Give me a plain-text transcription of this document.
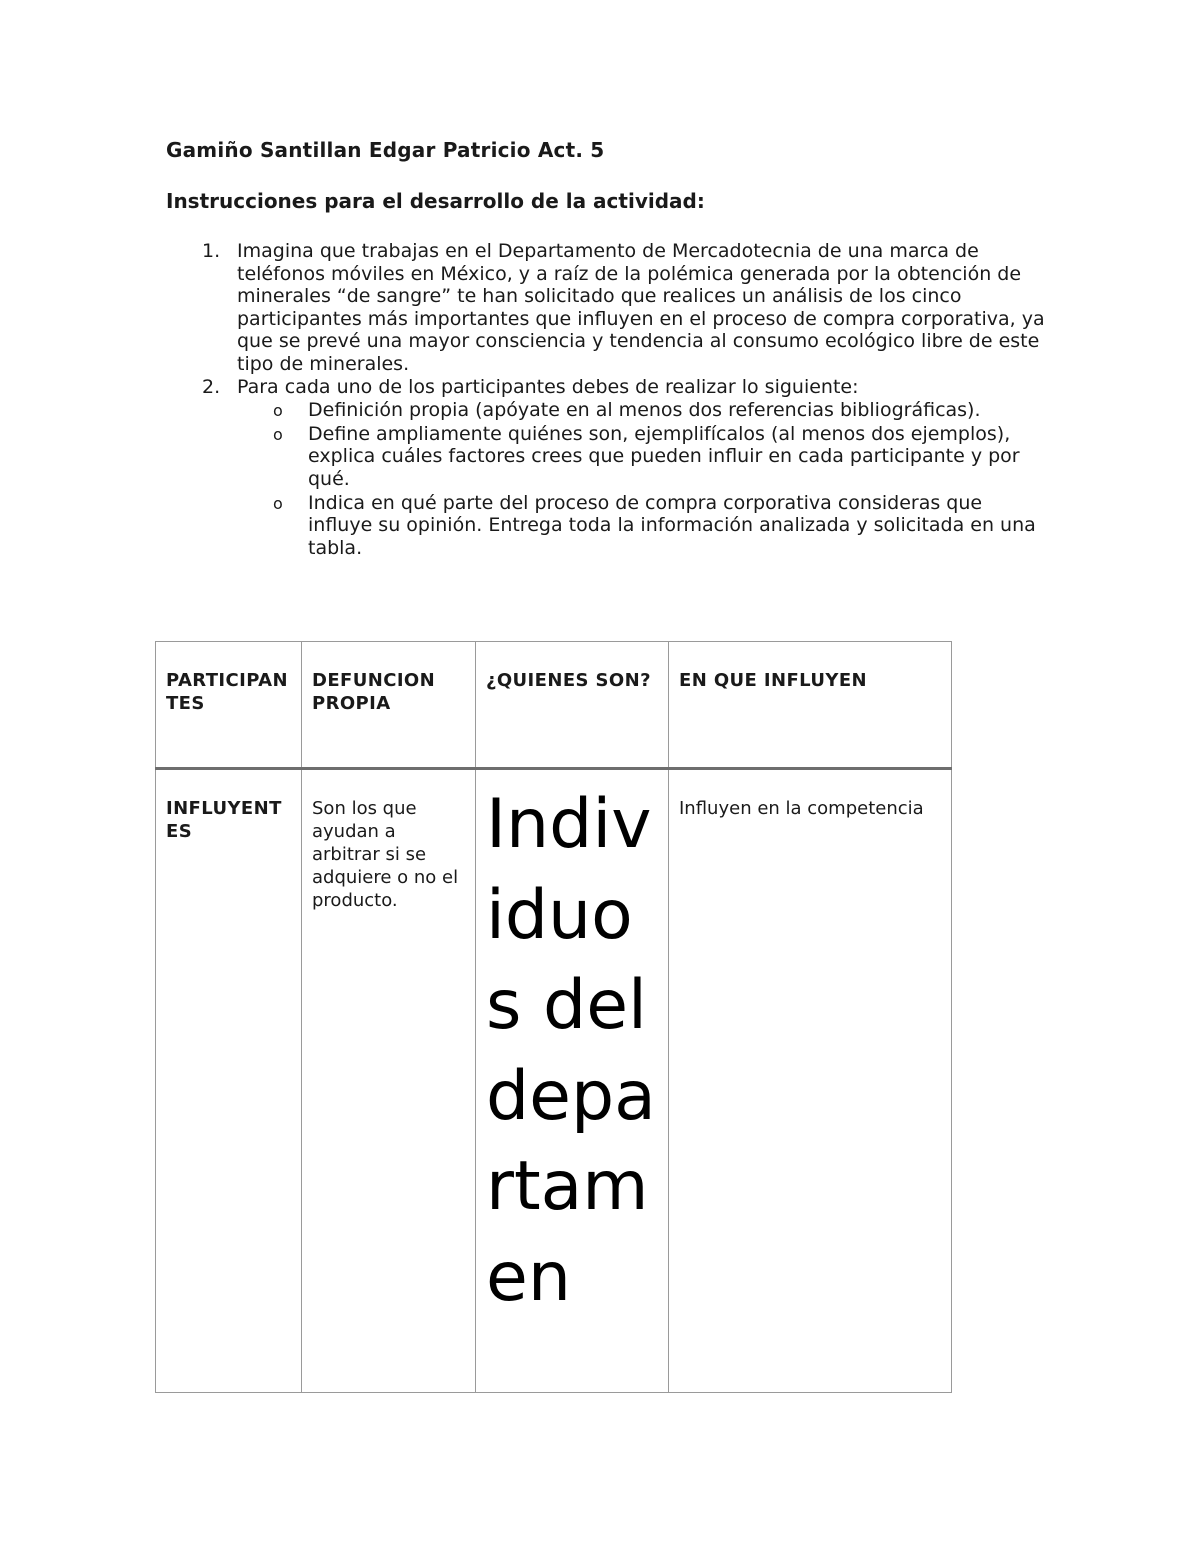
Gamiño Santillan Edgar Patricio Act. 5
Instrucciones para el desarrollo de la actividad:
1. Imagina que trabajas en el Departamento de Mercadotecnia de una marca de teléfonos móviles en México, y a raíz de la polémica generada por la obtención de minerales “de sangre” te han solicitado que realices un análisis de los cinco participantes más importantes que influyen en el proceso de compra corporativa, ya que se prevé una mayor consciencia y tendencia al consumo ecológico libre de este tipo de minerales.
2. Para cada uno de los participantes debes de realizar lo siguiente:
o Definición propia (apóyate en al menos dos referencias bibliográficas).
o Define ampliamente quiénes son, ejemplifícalos (al menos dos ejemplos), explica cuáles factores crees que pueden influir en cada participante y por qué.
o Indica en qué parte del proceso de compra corporativa consideras que influye su opinión. Entrega toda la información analizada y solicitada en una tabla.
PARTICIPANTES	DEFUNCION PROPIA	¿QUIENES SON?	EN QUE INFLUYEN
INFLUYENTES	Son los que ayudan a arbitrar si se adquiere o no el producto.	Individuos del departamen	Influyen en la competencia
